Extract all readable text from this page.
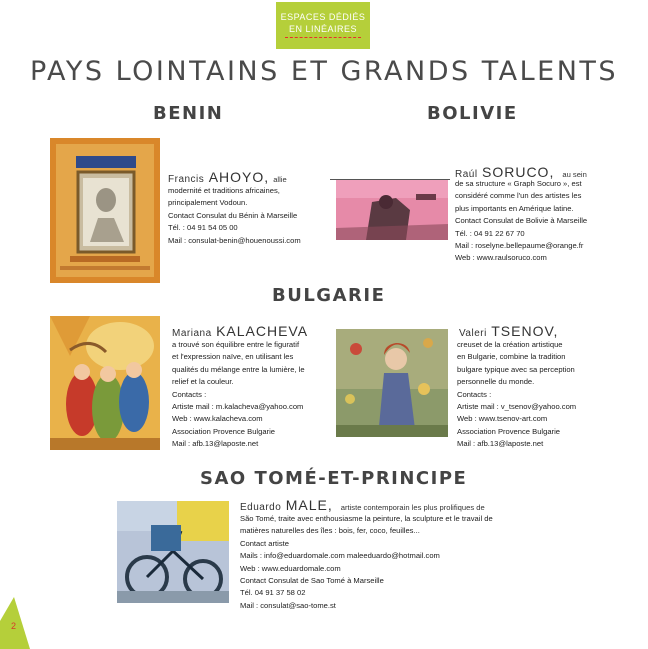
ESPACES DÉDIÉS
EN LINÉAIRES
PAYS LOINTAINS ET GRANDS TALENTS
BENIN
Francis AHOYO, allie
modernité et traditions africaines,
principalement Vodoun.
Contact Consulat du Bénin à Marseille
Tél. : 04 91 54 05 00
Mail : consulat-benin@houenoussi.com
BOLIVIE
Raúl SORUCO, au sein
de sa structure « Graph Socuro », est
considéré comme l'un des artistes les
plus importants en Amérique latine.
Contact Consulat de Bolivie à Marseille
Tél. : 04 91 22 67 70
Mail : roselyne.bellepaume@orange.fr
Web : www.raulsoruco.com
BULGARIE
Mariana KALACHEVA
a trouvé son équilibre entre le figuratif
et l'expression naïve, en utilisant les
qualités du mélange entre la lumière, le
relief et la couleur.
Contacts :
Artiste mail : m.kalacheva@yahoo.com
Web : www.kalacheva.com
Association Provence Bulgarie
Mail : afb.13@laposte.net
Valeri TSENOV,
creuset de la création artistique
en Bulgarie, combine la tradition
bulgare typique avec sa perception
personnelle du monde.
Contacts :
Artiste mail : v_tsenov@yahoo.com
Web : www.tsenov-art.com
Association Provence Bulgarie
Mail : afb.13@laposte.net
SAO TOMÉ-ET-PRINCIPE
Eduardo MALE, artiste contemporain les plus prolifiques de
São Tomé, traite avec enthousiasme la peinture, la sculpture et le travail de
matières naturelles des îles : bois, fer, coco, feuilles...
Contact artiste
Mails : info@eduardomale.com maleeduardo@hotmail.com
Web : www.eduardomale.com
Contact Consulat de Sao Tomé à Marseille
Tél. 04 91 37 58 02
Mail : consulat@sao-tome.st
2
